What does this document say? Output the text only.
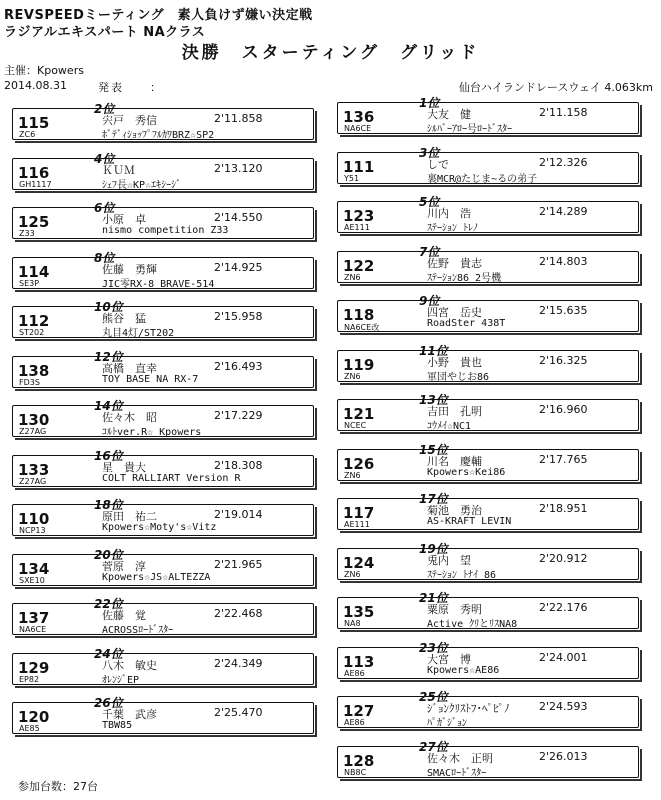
REVSPEEDミーティング　素人負けず嫌い決定戦
ラジアルエキスパート NAクラス
決勝　スターティング　グリッド
主催：Kpowers
2014.08.31	発表　　：	仙台ハイランドレースウェイ 4.063km
2位
115
ZC6
宍戸　秀信	2'11.858
ﾎﾞﾃﾞｨｼｮｯﾌﾟﾌﾙｶﾜBRZ☆SP2
4位
116
GH1117
ＫＵＭ	2'13.120
ｼｪﾌ長☆KP☆ｴｷｼｰｼﾞ
6位
125
Z33
小原　卓	2'14.550
nismo competition Z33
8位
114
SE3P
佐藤　勇輝	2'14.925
JIC零RX-8 BRAVE-514
10位
112
ST202
熊谷　猛	2'15.958
丸目4灯/ST202
12位
138
FD3S
高橋　直幸	2'16.493
TOY BASE NA RX-7
14位
130
Z27AG
佐々木　昭	2'17.229
ｺﾙﾄver.R☆ Kpowers
16位
133
Z27AG
星　貴大	2'18.308
COLT RALLIART Version R
18位
110
NCP13
原田　祐二	2'19.014
Kpowers☆Moty's☆Vitz
20位
134
SXE10
菅原　淳	2'21.965
Kpowers☆JS☆ALTEZZA
22位
137
NA6CE
佐藤　覚	2'22.468
ACROSSﾛｰﾄﾞｽﾀｰ
24位
129
EP82
八木　敏史	2'24.349
ｵﾚﾝｼﾞEP
26位
120
AE85
千葉　武彦	2'25.470
TBW85
1位
136
NA6CE
大友　健	2'11.158
ｼﾙﾊﾞｰｱﾛｰ号ﾛｰﾄﾞｽﾀｰ
3位
111
Y51
しで	2'12.326
裏MCR@たじま~るの弟子
5位
123
AE111
川内　浩	2'14.289
ｽﾃｰｼｮﾝ ﾄﾚﾉ
7位
122
ZN6
佐野　貴志	2'14.803
ｽﾃｰｼｮﾝ86 2号機
9位
118
NA6CE改
四宮　岳史	2'15.635
RoadSter 438T
11位
119
ZN6
小野　貴也	2'16.325
軍団やじお86
13位
121
NCEC
吉田　孔明	2'16.960
ｺｳﾒｲ☆NC1
15位
126
ZN6
川名　慶輔	2'17.765
Kpowers☆Kei86
17位
117
AE111
菊池　勇治	2'18.951
AS-KRAFT LEVIN
19位
124
ZN6
兎内　望	2'20.912
ｽﾃｰｼｮﾝ ﾄﾅｲ 86
21位
135
NA8
粟原　秀明	2'22.176
Active ｸﾘとﾘｽNA8
23位
113
AE86
大宮　博	2'24.001
Kpowers☆AE86
25位
127
AE86
ｼﾞｮﾝｸﾘｽﾄﾌ･ﾍﾟﾋﾟﾉ	2'24.593
ﾊﾟｶﾞｼﾞｮﾝ
27位
128
NB8C
佐々木　正明	2'26.013
SMACﾛｰﾄﾞｽﾀｰ
参加台数：27台
